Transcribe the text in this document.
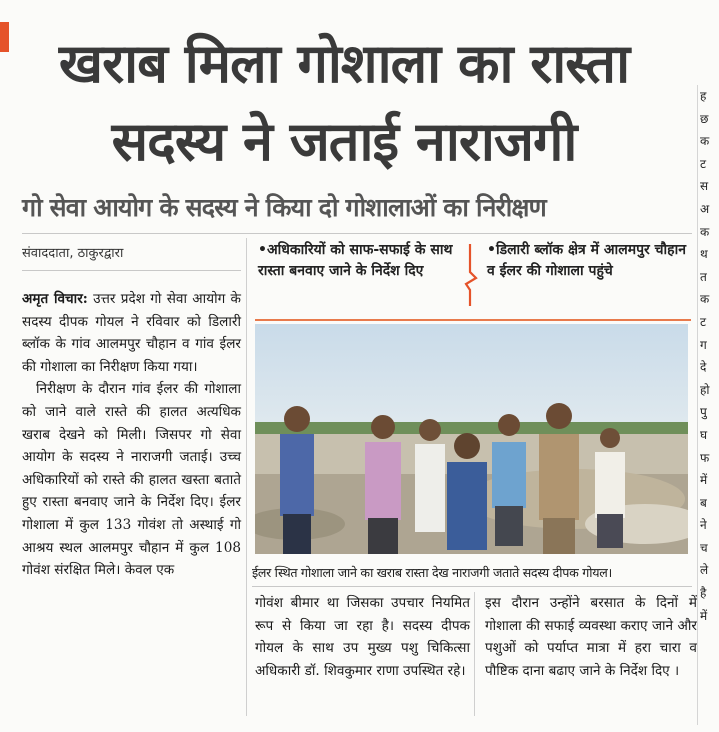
खराब मिला गोशाला का रास्ता
सदस्य ने जताई नाराजगी
गो सेवा आयोग के सदस्य ने किया दो गोशालाओं का निरीक्षण
संवाददाता, ठाकुरद्वारा	•अधिकारियों को साफ-सफाई के साथ रास्ता बनवाए जाने के निर्देश दिए
•डिलारी ब्लॉक क्षेत्र में आलमपुर चौहान व ईलर की गोशाला पहुंचे
ईलर स्थित गोशाला जाने का खराब रास्ता देख नाराजगी जताते सदस्य दीपक गोयल।

अमृत विचार: उत्तर प्रदेश गो सेवा आयोग के सदस्य दीपक गोयल ने रविवार को डिलारी ब्लॉक के गांव आलमपुर चौहान व गांव ईलर की गोशाला का निरीक्षण किया गया।

निरीक्षण के दौरान गांव ईलर की गोशाला को जाने वाले रास्ते की हालत अत्यधिक खराब देखने को मिली। जिसपर गो सेवा आयोग के सदस्य ने नाराजगी जताई। उच्च अधिकारियों को रास्ते की हालत खस्ता बताते हुए रास्ता बनवाए जाने के निर्देश दिए। ईलर गोशाला में कुल 133 गोवंश तो अस्थाई गो आश्रय स्थल आलमपुर चौहान में कुल 108 गोवंश संरक्षित मिले। केवल एक

गोवंश बीमार था जिसका उपचार नियमित रूप से किया जा रहा है। सदस्य दीपक गोयल के साथ उप मुख्य पशु चिकित्सा अधिकारी डॉ. शिवकुमार राणा उपस्थित रहे।
इस दौरान उन्होंने बरसात के दिनों में गोशाला की सफाई व्यवस्था कराए जाने और पशुओं को पर्याप्त मात्रा में हरा चारा व पौष्टिक दाना बढाए जाने के निर्देश दिए ।
ह
छ
क
ट
स
अ
क
थ
त
क
ट
ग
दे
हो
पु
घ
फ
में
ब
ने
च
ले
है
में
